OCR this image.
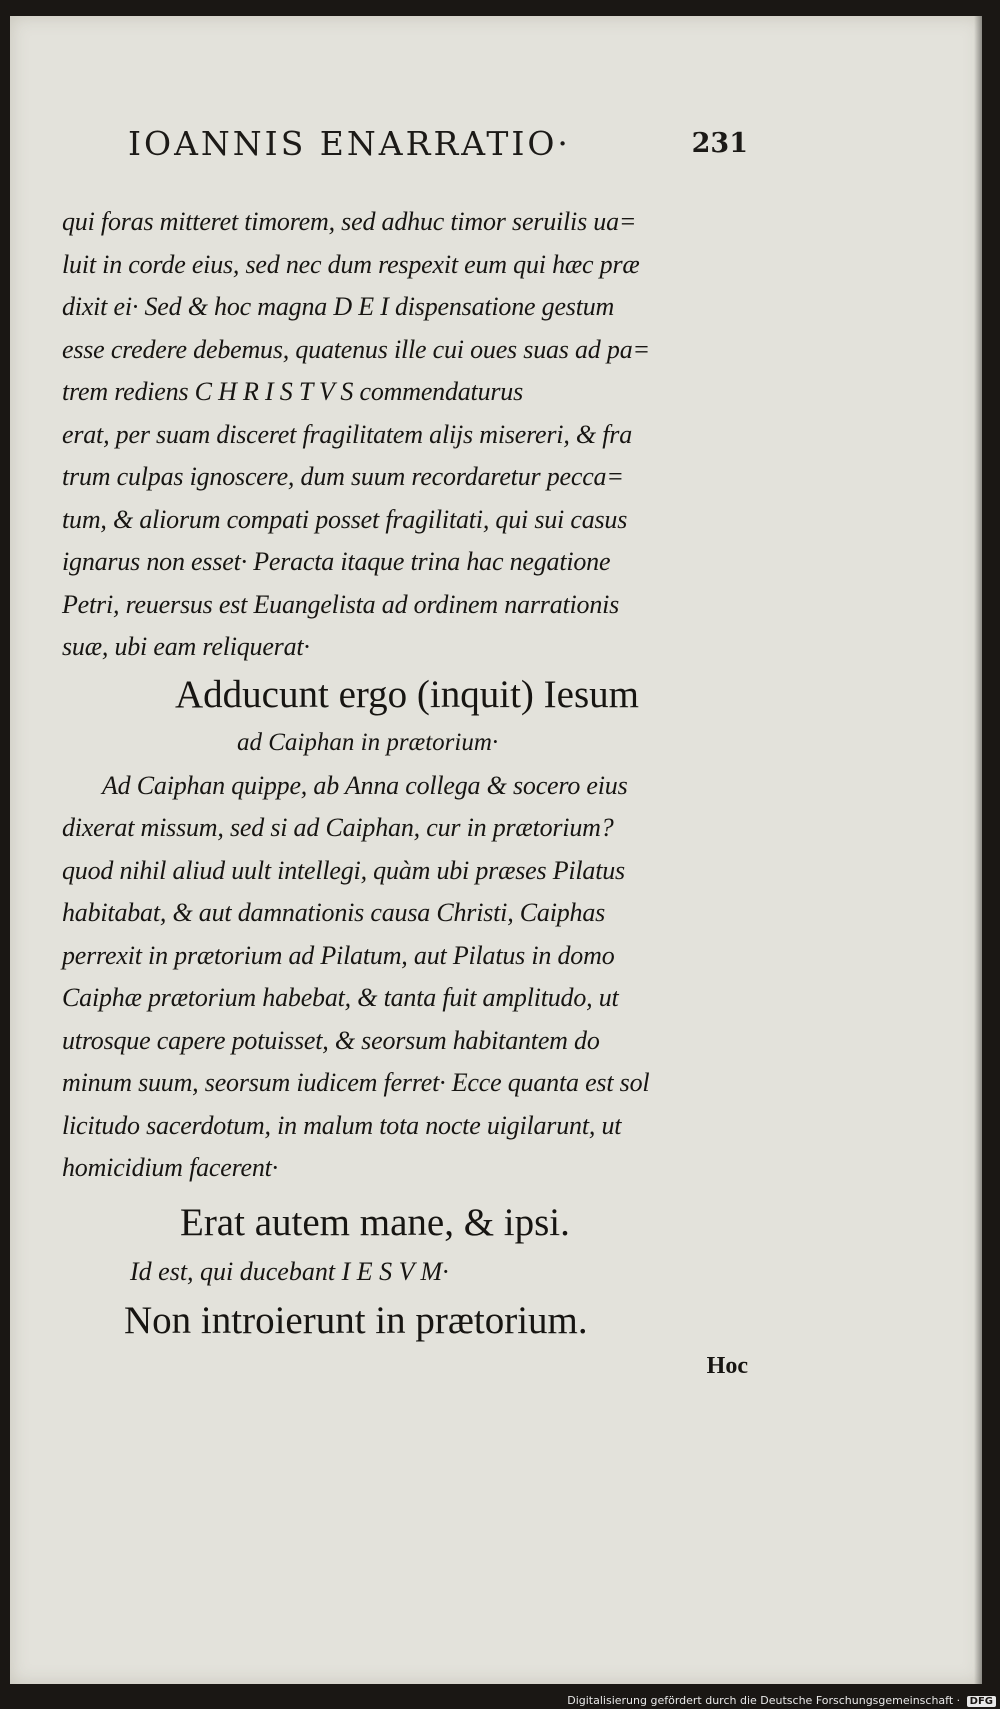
IOANNIS ENARRATIO·	231
qui foras mitteret timorem, sed adhuc timor seruilis ua=
luit in corde eius, sed nec dum respexit eum qui hæc præ
dixit ei· Sed & hoc magna D E I dispensatione gestum
esse credere debemus, quatenus ille cui oues suas ad pa=
trem rediens C H R I S T V S commendaturus
erat, per suam disceret fragilitatem alijs misereri, & fra
trum culpas ignoscere, dum suum recordaretur pecca=
tum, & aliorum compati posset fragilitati, qui sui casus
ignarus non esset· Peracta itaque trina hac negatione
Petri, reuersus est Euangelista ad ordinem narrationis
suæ, ubi eam reliquerat·
Adducunt ergo (inquit) Iesum
ad Caiphan in prætorium·
Ad Caiphan quippe, ab Anna collega & socero eius
dixerat missum, sed si ad Caiphan, cur in prætorium?
quod nihil aliud uult intellegi, quàm ubi præses Pilatus
habitabat, & aut damnationis causa Christi, Caiphas
perrexit in prætorium ad Pilatum, aut Pilatus in domo
Caiphæ prætorium habebat, & tanta fuit amplitudo, ut
utrosque capere potuisset, & seorsum habitantem do
minum suum, seorsum iudicem ferret· Ecce quanta est sol
licitudo sacerdotum, in malum tota nocte uigilarunt, ut
homicidium facerent·
Erat autem mane, & ipsi.
Id est, qui ducebant I E S V M·
Non introierunt in prætorium.
Hoc
Digitalisierung gefördert durch die Deutsche Forschungsgemeinschaft · DFG
